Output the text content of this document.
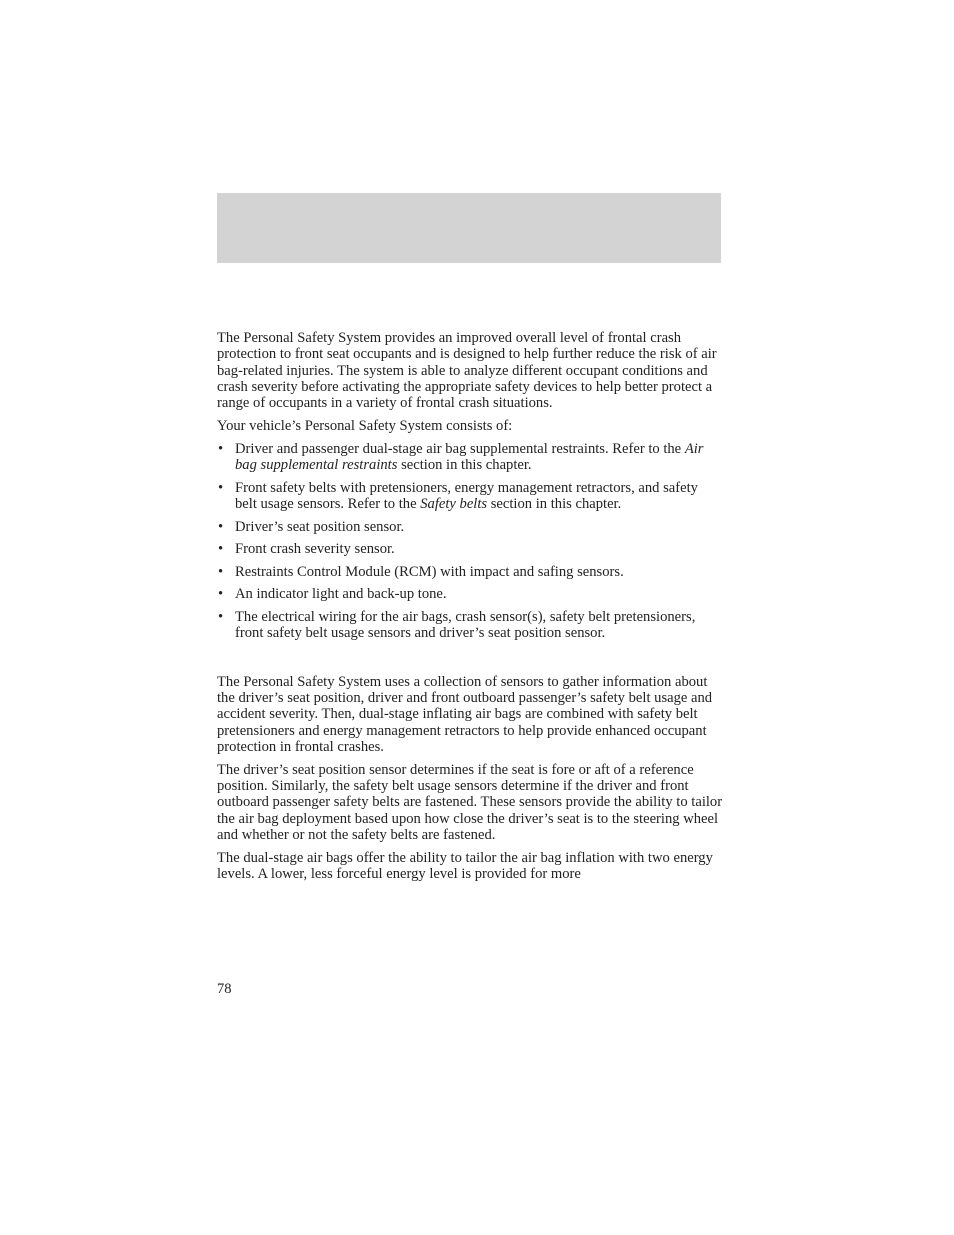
The Personal Safety System provides an improved overall level of frontal crash protection to front seat occupants and is designed to help further reduce the risk of air bag-related injuries. The system is able to analyze different occupant conditions and crash severity before activating the appropriate safety devices to help better protect a range of occupants in a variety of frontal crash situations.

Your vehicle’s Personal Safety System consists of:

• Driver and passenger dual-stage air bag supplemental restraints. Refer to the Air bag supplemental restraints section in this chapter.
• Front safety belts with pretensioners, energy management retractors, and safety belt usage sensors. Refer to the Safety belts section in this chapter.
• Driver’s seat position sensor.
• Front crash severity sensor.
• Restraints Control Module (RCM) with impact and safing sensors.
• An indicator light and back-up tone.
• The electrical wiring for the air bags, crash sensor(s), safety belt pretensioners, front safety belt usage sensors and driver’s seat position sensor.

The Personal Safety System uses a collection of sensors to gather information about the driver’s seat position, driver and front outboard passenger’s safety belt usage and accident severity. Then, dual-stage inflating air bags are combined with safety belt pretensioners and energy management retractors to help provide enhanced occupant protection in frontal crashes.

The driver’s seat position sensor determines if the seat is fore or aft of a reference position. Similarly, the safety belt usage sensors determine if the driver and front outboard passenger safety belts are fastened. These sensors provide the ability to tailor the air bag deployment based upon how close the driver’s seat is to the steering wheel and whether or not the safety belts are fastened.

The dual-stage air bags offer the ability to tailor the air bag inflation with two energy levels. A lower, less forceful energy level is provided for more

78
